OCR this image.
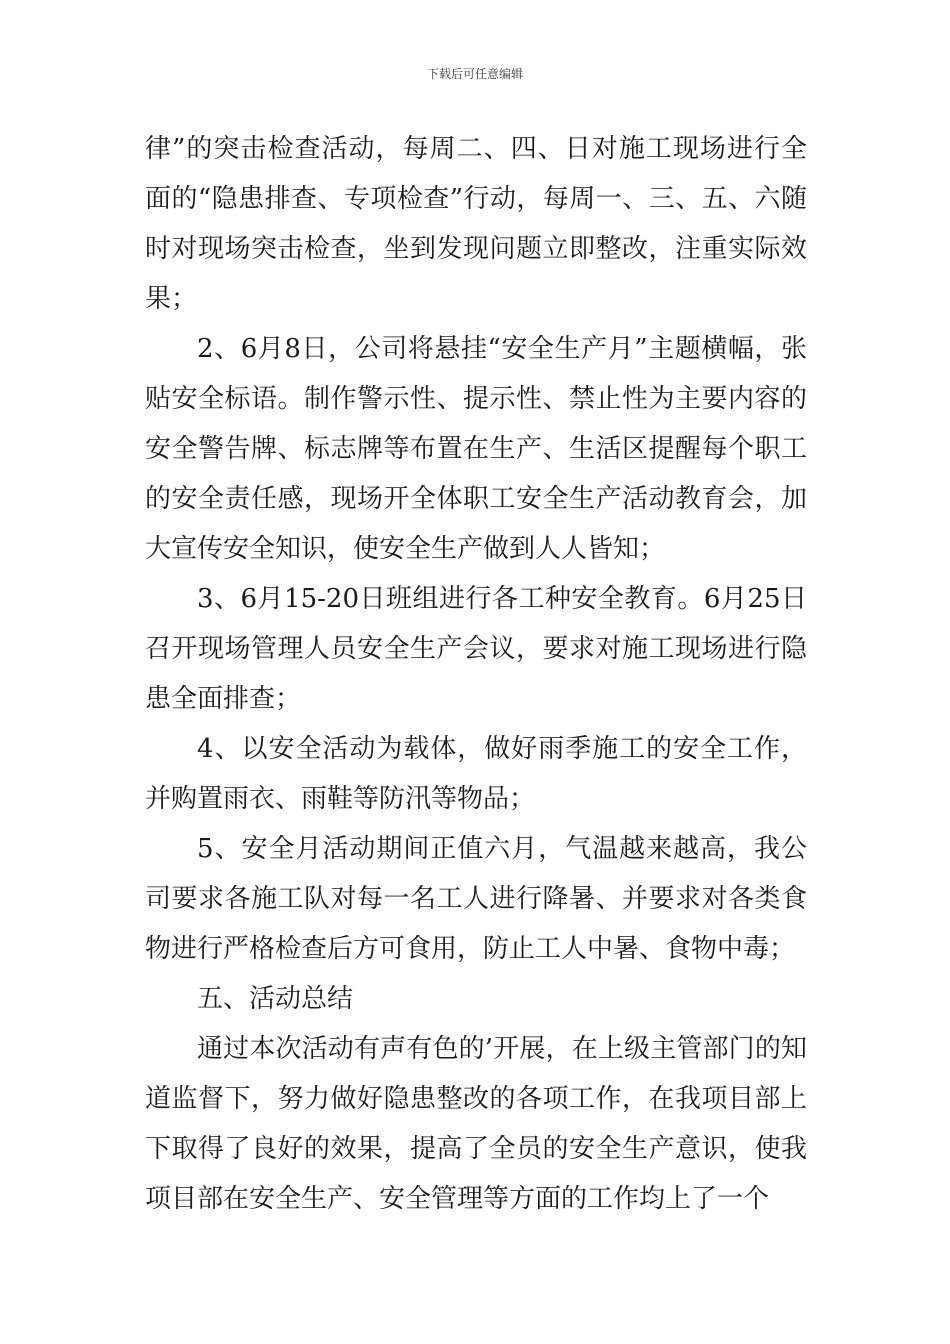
下载后可任意编辑

律”的突击检查活动，每周二、四、日对施工现场进行全面的“隐患排查、专项检查”行动，每周一、三、五、六随时对现场突击检查，坐到发现问题立即整改，注重实际效果；

2、6月8日，公司将悬挂“安全生产月”主题横幅，张贴安全标语。制作警示性、提示性、禁止性为主要内容的安全警告牌、标志牌等布置在生产、生活区提醒每个职工的安全责任感，现场开全体职工安全生产活动教育会，加大宣传安全知识，使安全生产做到人人皆知；

3、6月15-20日班组进行各工种安全教育。6月25日召开现场管理人员安全生产会议，要求对施工现场进行隐患全面排查；

4、以安全活动为载体，做好雨季施工的安全工作，并购置雨衣、雨鞋等防汛等物品；

5、安全月活动期间正值六月，气温越来越高，我公司要求各施工队对每一名工人进行降暑、并要求对各类食物进行严格检查后方可食用，防止工人中暑、食物中毒；

五、活动总结

通过本次活动有声有色的’开展，在上级主管部门的知道监督下，努力做好隐患整改的各项工作，在我项目部上下取得了良好的效果，提高了全员的安全生产意识，使我项目部在安全生产、安全管理等方面的工作均上了一个
